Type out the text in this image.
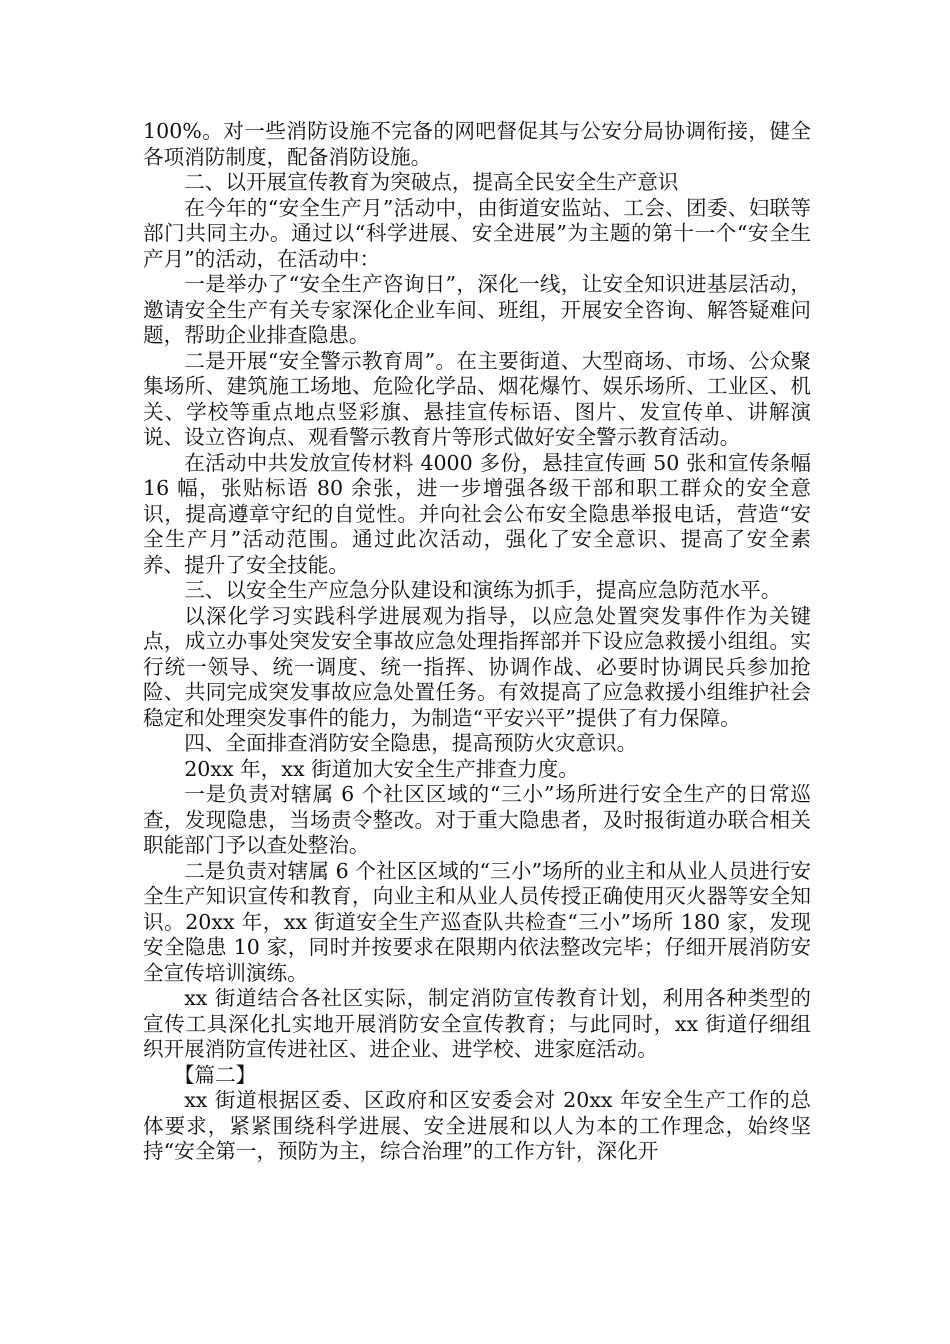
100%。对一些消防设施不完备的网吧督促其与公安分局协调衔接，健全各项消防制度，配备消防设施。

二、以开展宣传教育为突破点，提高全民安全生产意识

在今年的“安全生产月”活动中，由街道安监站、工会、团委、妇联等部门共同主办。通过以“科学进展、安全进展”为主题的第十一个“安全生产月”的活动，在活动中：

一是举办了“安全生产咨询日”，深化一线，让安全知识进基层活动，邀请安全生产有关专家深化企业车间、班组，开展安全咨询、解答疑难问题，帮助企业排查隐患。

二是开展“安全警示教育周”。在主要街道、大型商场、市场、公众聚集场所、建筑施工场地、危险化学品、烟花爆竹、娱乐场所、工业区、机关、学校等重点地点竖彩旗、悬挂宣传标语、图片、发宣传单、讲解演说、设立咨询点、观看警示教育片等形式做好安全警示教育活动。

在活动中共发放宣传材料 4000 多份，悬挂宣传画 50 张和宣传条幅 16 幅，张贴标语 80 余张，进一步增强各级干部和职工群众的安全意识，提高遵章守纪的自觉性。并向社会公布安全隐患举报电话，营造“安全生产月”活动范围。通过此次活动，强化了安全意识、提高了安全素养、提升了安全技能。

三、以安全生产应急分队建设和演练为抓手，提高应急防范水平。

以深化学习实践科学进展观为指导，以应急处置突发事件作为关键点，成立办事处突发安全事故应急处理指挥部并下设应急救援小组组。实行统一领导、统一调度、统一指挥、协调作战、必要时协调民兵参加抢险、共同完成突发事故应急处置任务。有效提高了应急救援小组维护社会稳定和处理突发事件的能力，为制造“平安兴平”提供了有力保障。

四、全面排查消防安全隐患，提高预防火灾意识。

20xx 年，xx 街道加大安全生产排查力度。

一是负责对辖属 6 个社区区域的“三小”场所进行安全生产的日常巡查，发现隐患，当场责令整改。对于重大隐患者，及时报街道办联合相关职能部门予以查处整治。

二是负责对辖属 6 个社区区域的“三小”场所的业主和从业人员进行安全生产知识宣传和教育，向业主和从业人员传授正确使用灭火器等安全知识。20xx 年，xx 街道安全生产巡查队共检查“三小”场所 180 家，发现安全隐患 10 家，同时并按要求在限期内依法整改完毕；仔细开展消防安全宣传培训演练。

xx 街道结合各社区实际，制定消防宣传教育计划，利用各种类型的宣传工具深化扎实地开展消防安全宣传教育；与此同时，xx 街道仔细组织开展消防宣传进社区、进企业、进学校、进家庭活动。

【篇二】

xx 街道根据区委、区政府和区安委会对 20xx 年安全生产工作的总体要求，紧紧围绕科学进展、安全进展和以人为本的工作理念，始终坚持“安全第一，预防为主，综合治理”的工作方针，深化开
